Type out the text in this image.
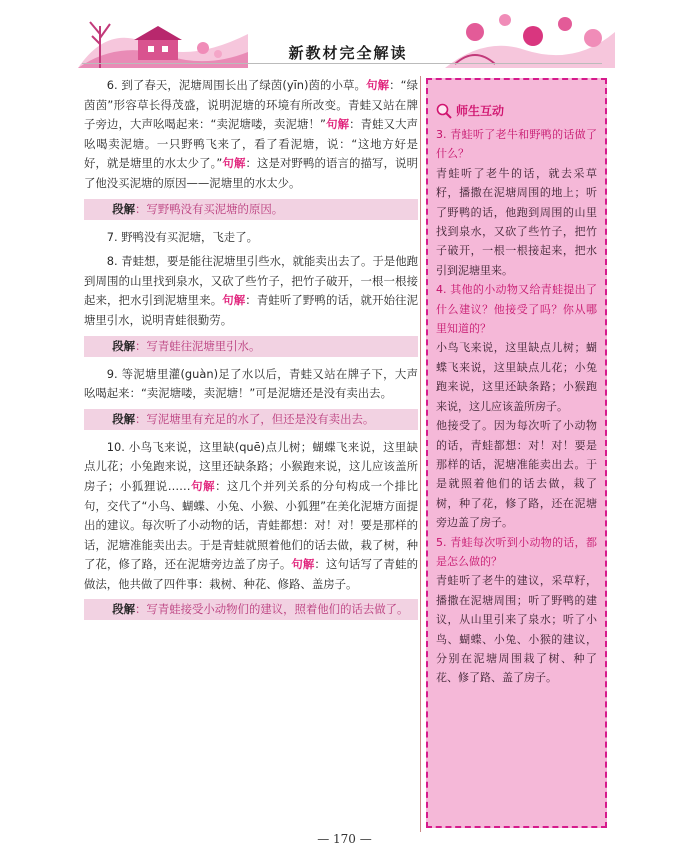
新教材完全解读

6. 到了春天，泥塘周围长出了绿茵(yīn)茵的小草。句解：“绿茵茵”形容草长得茂盛，说明泥塘的环境有所改变。青蛙又站在牌子旁边，大声吆喝起来：“卖泥塘喽，卖泥塘！”句解：青蛙又大声吆喝卖泥塘。一只野鸭飞来了，看了看泥塘，说：“这地方好是好，就是塘里的水太少了。”句解：这是对野鸭的语言的描写，说明了他没买泥塘的原因——泥塘里的水太少。

段解：写野鸭没有买泥塘的原因。

7. 野鸭没有买泥塘，飞走了。

8. 青蛙想，要是能往泥塘里引些水，就能卖出去了。于是他跑到周围的山里找到泉水，又砍了些竹子，把竹子破开，一根一根接起来，把水引到泥塘里来。句解：青蛙听了野鸭的话，就开始往泥塘里引水，说明青蛙很勤劳。

段解：写青蛙往泥塘里引水。

9. 等泥塘里灌(guàn)足了水以后，青蛙又站在牌子下，大声吆喝起来：“卖泥塘喽，卖泥塘！”可是泥塘还是没有卖出去。

段解：写泥塘里有充足的水了，但还是没有卖出去。

10. 小鸟飞来说，这里缺(quē)点儿树；蝴蝶飞来说，这里缺点儿花；小兔跑来说，这里还缺条路；小猴跑来说，这儿应该盖所房子；小狐狸说……句解：这几个并列关系的分句构成一个排比句，交代了“小鸟、蝴蝶、小兔、小猴、小狐狸”在美化泥塘方面提出的建议。每次听了小动物的话，青蛙都想：对！对！要是那样的话，泥塘准能卖出去。于是青蛙就照着他们的话去做，栽了树，种了花，修了路，还在泥塘旁边盖了房子。句解：这句话写了青蛙的做法，他共做了四件事：栽树、种花、修路、盖房子。

段解：写青蛙接受小动物们的建议，照着他们的话去做了。
师生互动

3. 青蛙听了老牛和野鸭的话做了什么？

青蛙听了老牛的话，就去采草籽，播撒在泥塘周围的地上；听了野鸭的话，他跑到周围的山里找到泉水，又砍了些竹子，把竹子破开，一根一根接起来，把水引到泥塘里来。

4. 其他的小动物又给青蛙提出了什么建议？他接受了吗？你从哪里知道的？

小鸟飞来说，这里缺点儿树；蝴蝶飞来说，这里缺点儿花；小兔跑来说，这里还缺条路；小猴跑来说，这儿应该盖所房子。

他接受了。因为每次听了小动物的话，青蛙都想：对！对！要是那样的话，泥塘准能卖出去。于是就照着他们的话去做，栽了树，种了花，修了路，还在泥塘旁边盖了房子。

5. 青蛙每次听到小动物的话，都是怎么做的？

青蛙听了老牛的建议，采草籽，播撒在泥塘周围；听了野鸭的建议，从山里引来了泉水；听了小鸟、蝴蝶、小兔、小猴的建议，分别在泥塘周围栽了树、种了花、修了路、盖了房子。

— 170 —
